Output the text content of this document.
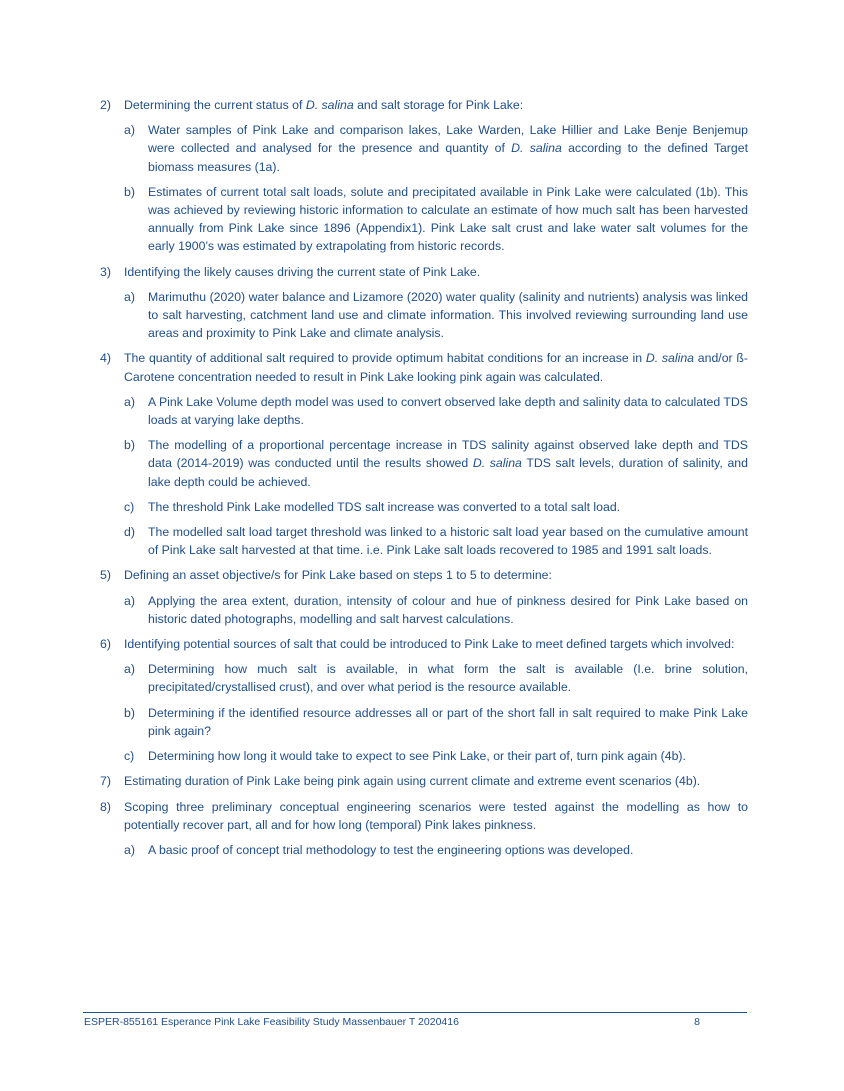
2) Determining the current status of D. salina and salt storage for Pink Lake:
a) Water samples of Pink Lake and comparison lakes, Lake Warden, Lake Hillier and Lake Benje Benjemup were collected and analysed for the presence and quantity of D. salina according to the defined Target biomass measures (1a).
b) Estimates of current total salt loads, solute and precipitated available in Pink Lake were calculated (1b). This was achieved by reviewing historic information to calculate an estimate of how much salt has been harvested annually from Pink Lake since 1896 (Appendix1). Pink Lake salt crust and lake water salt volumes for the early 1900’s was estimated by extrapolating from historic records.
3) Identifying the likely causes driving the current state of Pink Lake.
a) Marimuthu (2020) water balance and Lizamore (2020) water quality (salinity and nutrients) analysis was linked to salt harvesting, catchment land use and climate information. This involved reviewing surrounding land use areas and proximity to Pink Lake and climate analysis.
4) The quantity of additional salt required to provide optimum habitat conditions for an increase in D. salina and/or ß-Carotene concentration needed to result in Pink Lake looking pink again was calculated.
a) A Pink Lake Volume depth model was used to convert observed lake depth and salinity data to calculated TDS loads at varying lake depths.
b) The modelling of a proportional percentage increase in TDS salinity against observed lake depth and TDS data (2014-2019) was conducted until the results showed D. salina TDS salt levels, duration of salinity, and lake depth could be achieved.
c) The threshold Pink Lake modelled TDS salt increase was converted to a total salt load.
d) The modelled salt load target threshold was linked to a historic salt load year based on the cumulative amount of Pink Lake salt harvested at that time. i.e. Pink Lake salt loads recovered to 1985 and 1991 salt loads.
5) Defining an asset objective/s for Pink Lake based on steps 1 to 5 to determine:
a) Applying the area extent, duration, intensity of colour and hue of pinkness desired for Pink Lake based on historic dated photographs, modelling and salt harvest calculations.
6) Identifying potential sources of salt that could be introduced to Pink Lake to meet defined targets which involved:
a) Determining how much salt is available, in what form the salt is available (I.e. brine solution, precipitated/crystallised crust), and over what period is the resource available.
b) Determining if the identified resource addresses all or part of the short fall in salt required to make Pink Lake pink again?
c) Determining how long it would take to expect to see Pink Lake, or their part of, turn pink again (4b).
7) Estimating duration of Pink Lake being pink again using current climate and extreme event scenarios (4b).
8) Scoping three preliminary conceptual engineering scenarios were tested against the modelling as how to potentially recover part, all and for how long (temporal) Pink lakes pinkness.
a) A basic proof of concept trial methodology to test the engineering options was developed.
ESPER-855161 Esperance Pink Lake Feasibility Study Massenbauer T 2020416	8
